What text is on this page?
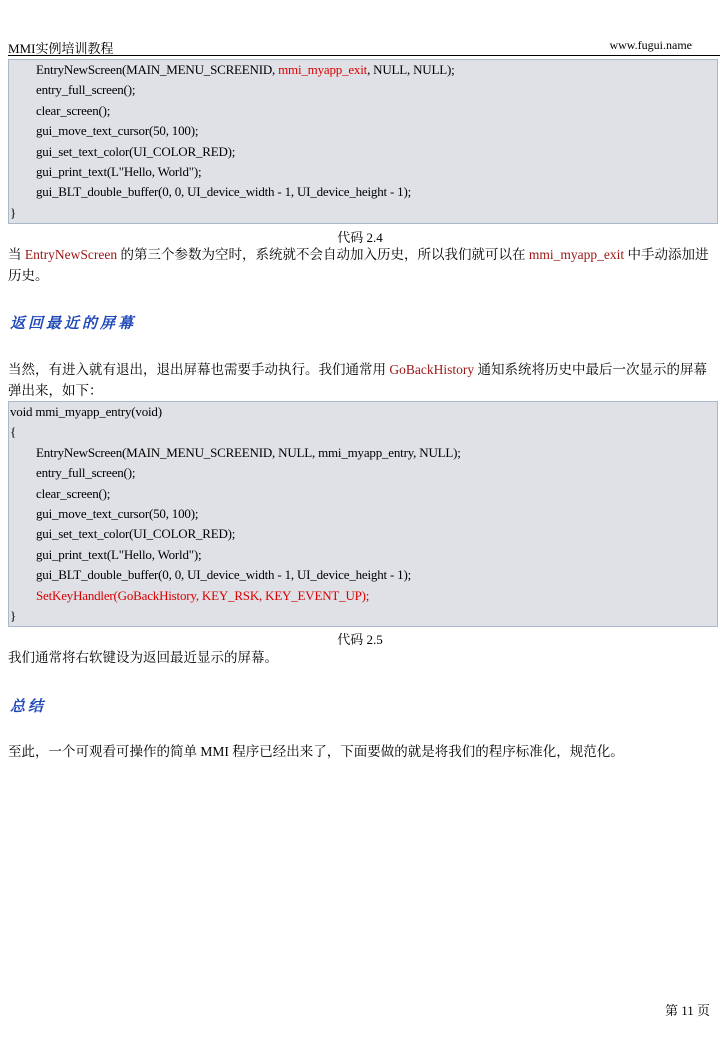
MMI实例培训教程	www.fugui.name
EntryNewScreen(MAIN_MENU_SCREENID, mmi_myapp_exit, NULL, NULL);
entry_full_screen();
clear_screen();
gui_move_text_cursor(50, 100);
gui_set_text_color(UI_COLOR_RED);
gui_print_text(L"Hello, World");
gui_BLT_double_buffer(0, 0, UI_device_width - 1, UI_device_height - 1);
}
代码 2.4
当 EntryNewScreen 的第三个参数为空时，系统就不会自动加入历史，所以我们就可以在 mmi_myapp_exit 中手动添加进历史。
返回最近的屏幕
当然，有进入就有退出，退出屏幕也需要手动执行。我们通常用 GoBackHistory 通知系统将历史中最后一次显示的屏幕弹出来，如下：
void mmi_myapp_entry(void)
{
EntryNewScreen(MAIN_MENU_SCREENID, NULL, mmi_myapp_entry, NULL);
entry_full_screen();
clear_screen();
gui_move_text_cursor(50, 100);
gui_set_text_color(UI_COLOR_RED);
gui_print_text(L"Hello, World");
gui_BLT_double_buffer(0, 0, UI_device_width - 1, UI_device_height - 1);
SetKeyHandler(GoBackHistory, KEY_RSK, KEY_EVENT_UP);
}
代码 2.5
我们通常将右软键设为返回最近显示的屏幕。
总结
至此，一个可观看可操作的简单 MMI 程序已经出来了，下面要做的就是将我们的程序标准化，规范化。
第 11 页
